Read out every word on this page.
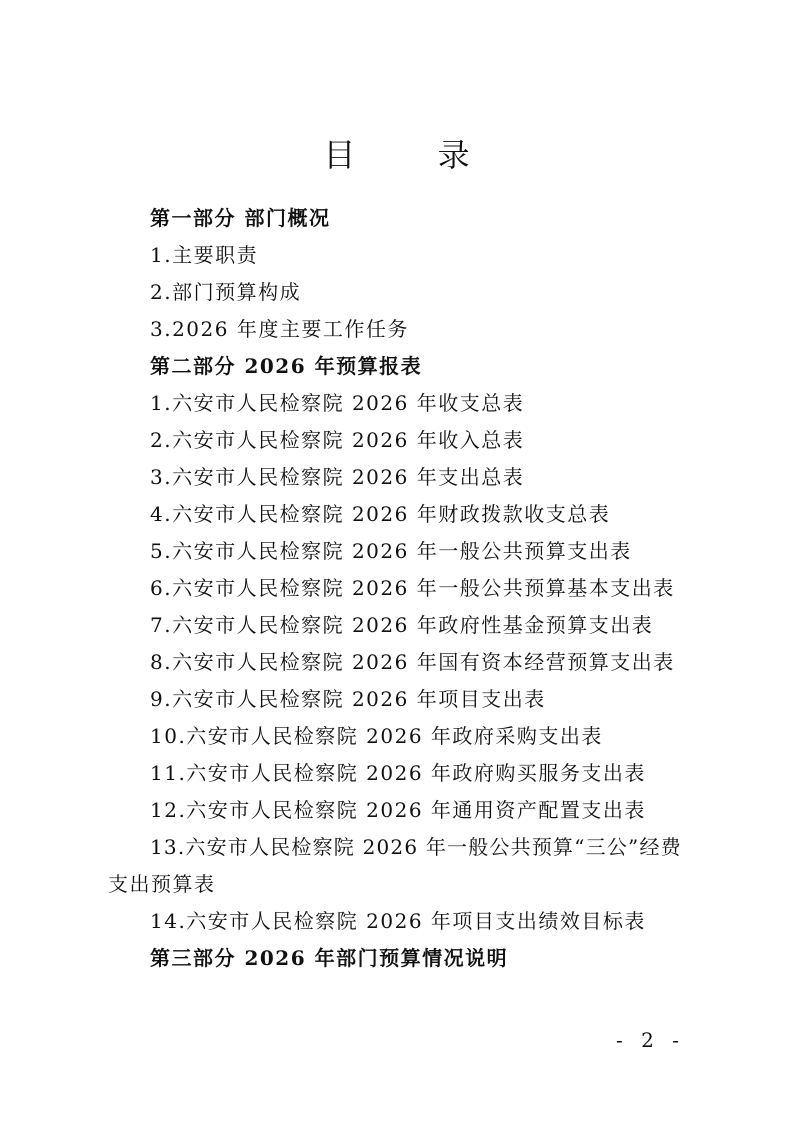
目 录
第一部分 部门概况
1.主要职责
2.部门预算构成
3.2026 年度主要工作任务
第二部分 2026 年预算报表
1.六安市人民检察院 2026 年收支总表
2.六安市人民检察院 2026 年收入总表
3.六安市人民检察院 2026 年支出总表
4.六安市人民检察院 2026 年财政拨款收支总表
5.六安市人民检察院 2026 年一般公共预算支出表
6.六安市人民检察院 2026 年一般公共预算基本支出表
7.六安市人民检察院 2026 年政府性基金预算支出表
8.六安市人民检察院 2026 年国有资本经营预算支出表
9.六安市人民检察院 2026 年项目支出表
10.六安市人民检察院 2026 年政府采购支出表
11.六安市人民检察院 2026 年政府购买服务支出表
12.六安市人民检察院 2026 年通用资产配置支出表
13.六安市人民检察院 2026 年一般公共预算“三公”经费
支出预算表
14.六安市人民检察院 2026 年项目支出绩效目标表
第三部分 2026 年部门预算情况说明
- 2 -
